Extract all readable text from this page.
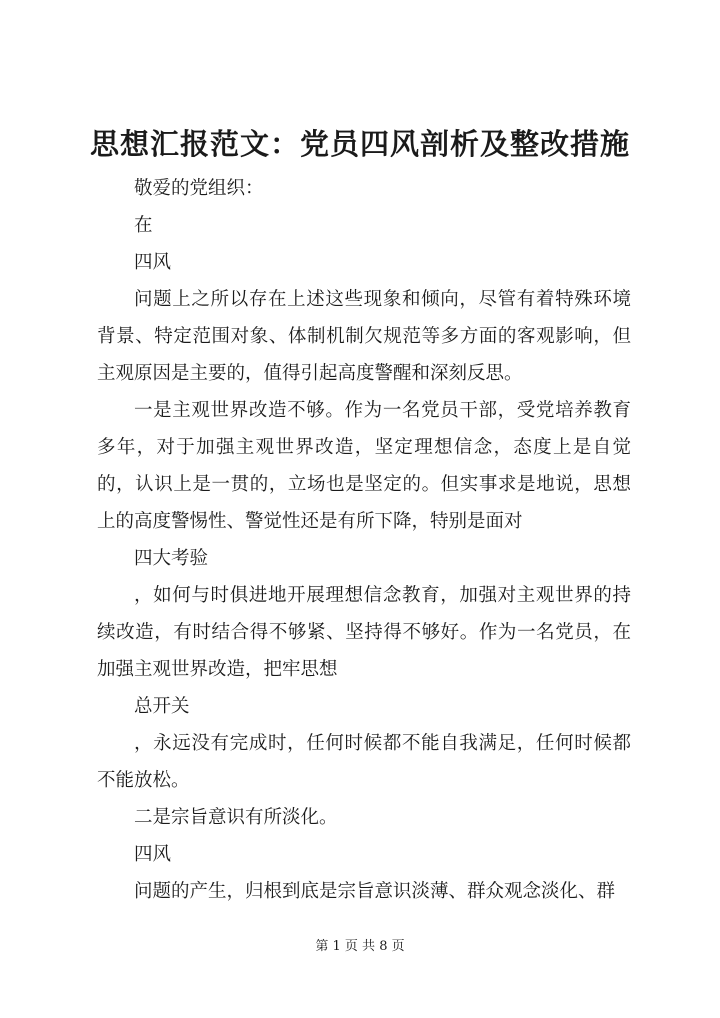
思想汇报范文：党员四风剖析及整改措施

敬爱的党组织：

在

四风

问题上之所以存在上述这些现象和倾向，尽管有着特殊环境背景、特定范围对象、体制机制欠规范等多方面的客观影响，但主观原因是主要的，值得引起高度警醒和深刻反思。

一是主观世界改造不够。作为一名党员干部，受党培养教育多年，对于加强主观世界改造，坚定理想信念，态度上是自觉的，认识上是一贯的，立场也是坚定的。但实事求是地说，思想上的高度警惕性、警觉性还是有所下降，特别是面对

四大考验

，如何与时俱进地开展理想信念教育，加强对主观世界的持续改造，有时结合得不够紧、坚持得不够好。作为一名党员，在加强主观世界改造，把牢思想

总开关

，永远没有完成时，任何时候都不能自我满足，任何时候都不能放松。

二是宗旨意识有所淡化。

四风

问题的产生，归根到底是宗旨意识淡薄、群众观念淡化、群

第 1 页 共 8 页
